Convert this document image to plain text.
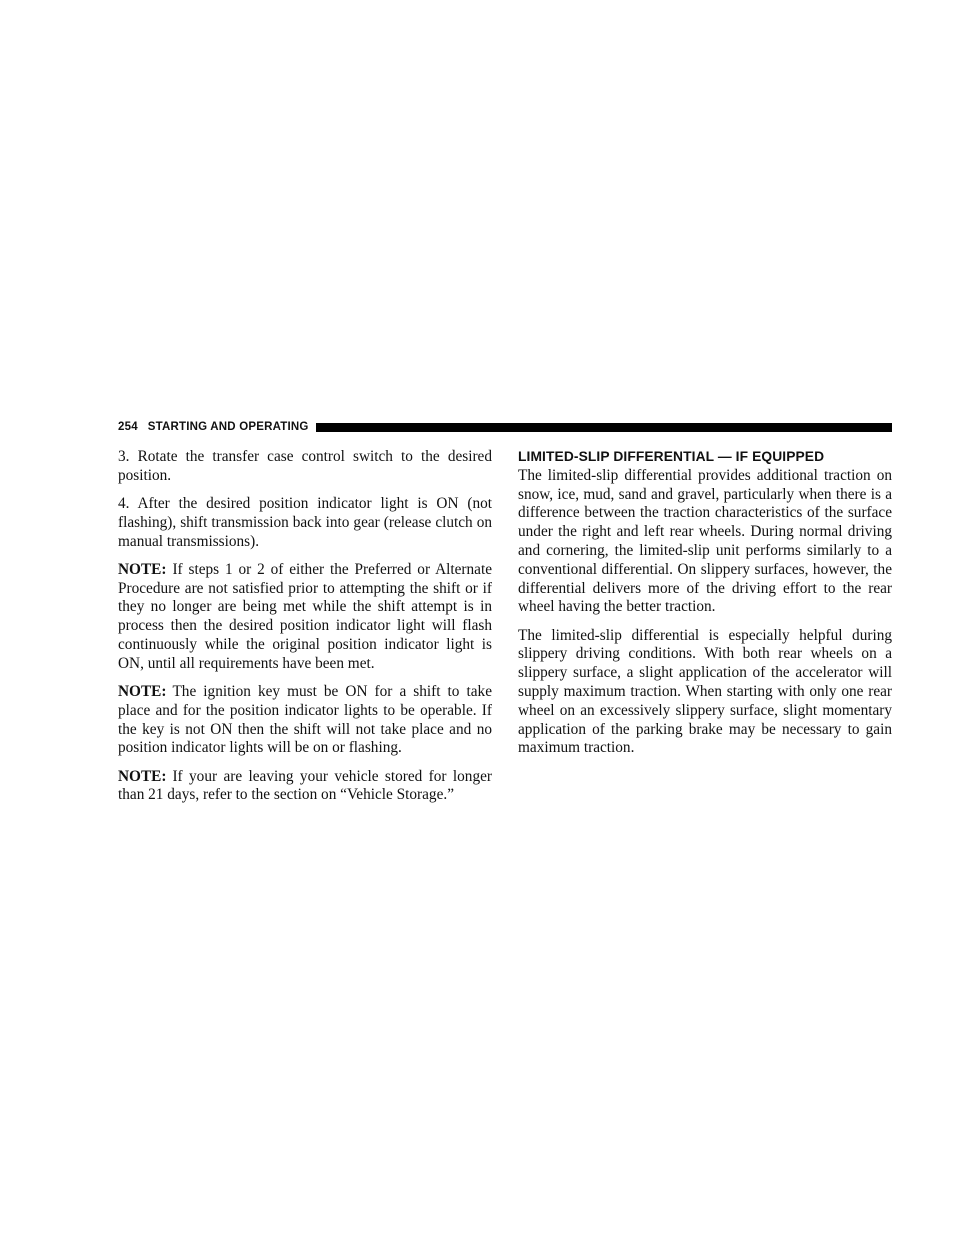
254 STARTING AND OPERATING

3. Rotate the transfer case control switch to the desired position.

4. After the desired position indicator light is ON (not flashing), shift transmission back into gear (release clutch on manual transmissions).

NOTE: If steps 1 or 2 of either the Preferred or Alternate Procedure are not satisfied prior to attempting the shift or if they no longer are being met while the shift attempt is in process then the desired position indicator light will flash continuously while the original position indicator light is ON, until all requirements have been met.

NOTE: The ignition key must be ON for a shift to take place and for the position indicator lights to be operable. If the key is not ON then the shift will not take place and no position indicator lights will be on or flashing.

NOTE: If your are leaving your vehicle stored for longer than 21 days, refer to the section on “Vehicle Storage.”

LIMITED-SLIP DIFFERENTIAL — IF EQUIPPED

The limited-slip differential provides additional traction on snow, ice, mud, sand and gravel, particularly when there is a difference between the traction characteristics of the surface under the right and left rear wheels. During normal driving and cornering, the limited-slip unit performs similarly to a conventional differential. On slippery surfaces, however, the differential delivers more of the driving effort to the rear wheel having the better traction.

The limited-slip differential is especially helpful during slippery driving conditions. With both rear wheels on a slippery surface, a slight application of the accelerator will supply maximum traction. When starting with only one rear wheel on an excessively slippery surface, slight momentary application of the parking brake may be necessary to gain maximum traction.
